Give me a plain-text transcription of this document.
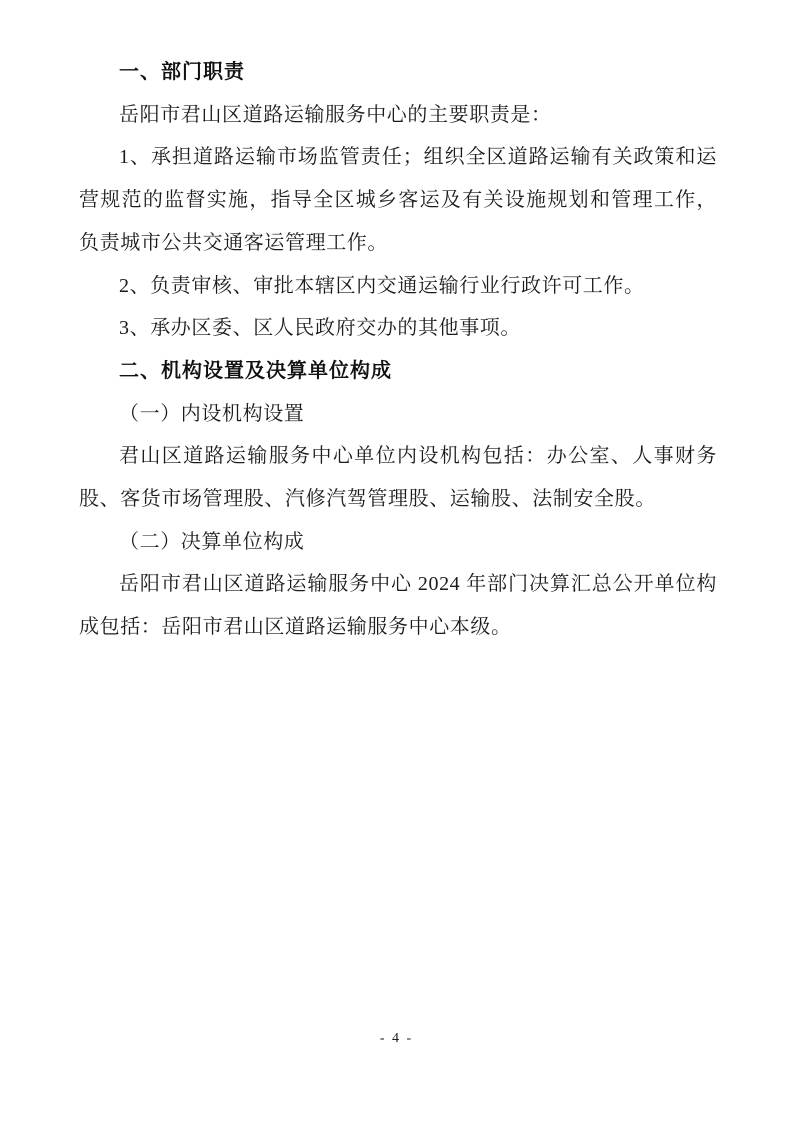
一、部门职责
岳阳市君山区道路运输服务中心的主要职责是：
1、承担道路运输市场监管责任；组织全区道路运输有关政策和运营规范的监督实施，指导全区城乡客运及有关设施规划和管理工作，负责城市公共交通客运管理工作。
2、负责审核、审批本辖区内交通运输行业行政许可工作。
3、承办区委、区人民政府交办的其他事项。
二、机构设置及决算单位构成
（一）内设机构设置
君山区道路运输服务中心单位内设机构包括：办公室、人事财务股、客货市场管理股、汽修汽驾管理股、运输股、法制安全股。
（二）决算单位构成
岳阳市君山区道路运输服务中心 2024 年部门决算汇总公开单位构成包括：岳阳市君山区道路运输服务中心本级。
- 4 -
